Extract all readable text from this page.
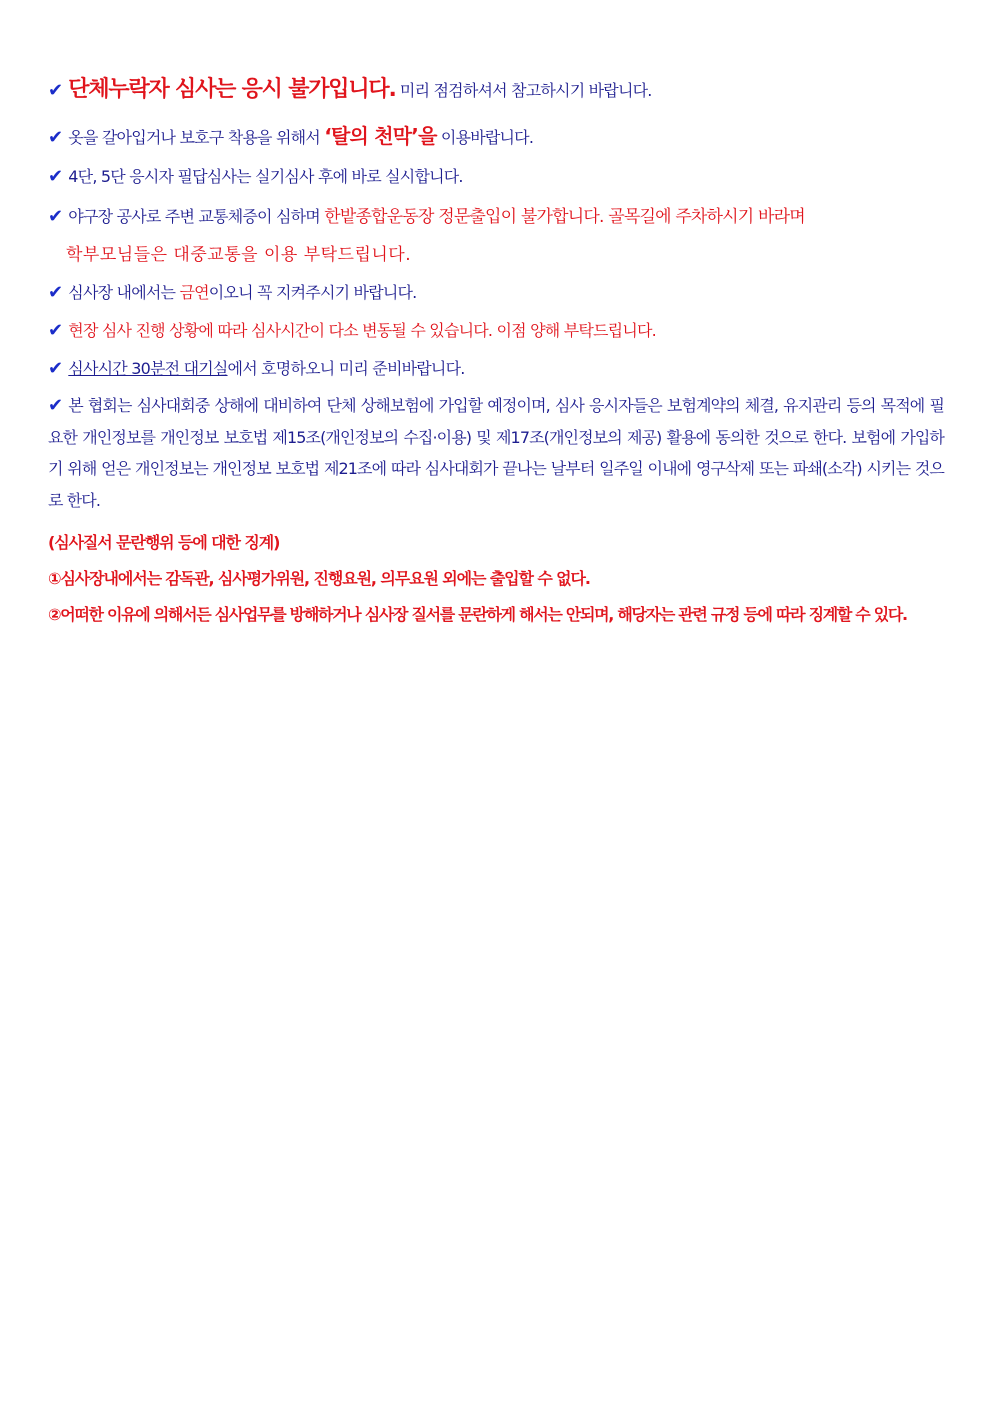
✔ 단체누락자 심사는 응시 불가입니다. 미리 점검하셔서 참고하시기 바랍니다.
✔ 옷을 갈아입거나 보호구 착용을 위해서 ‘탈의 천막’을 이용바랍니다.
✔ 4단, 5단 응시자 필답심사는 실기심사 후에 바로 실시합니다.
✔ 야구장 공사로 주변 교통체증이 심하며 한밭종합운동장 정문출입이 불가합니다. 골목길에 주차하시기 바라며
학부모님들은 대중교통을 이용 부탁드립니다.
✔ 심사장 내에서는 금연이오니 꼭 지켜주시기 바랍니다.
✔ 현장 심사 진행 상황에 따라 심사시간이 다소 변동될 수 있습니다. 이점 양해 부탁드립니다.
✔ 심사시간 30분전 대기실에서 호명하오니 미리 준비바랍니다.
✔ 본 협회는 심사대회중 상해에 대비하여 단체 상해보험에 가입할 예정이며, 심사 응시자들은 보험계약의 체결, 유지관리 등의 목적에 필요한 개인정보를 개인정보 보호법 제15조(개인정보의 수집·이용) 및 제17조(개인정보의 제공) 활용에 동의한 것으로 한다. 보험에 가입하기 위해 얻은 개인정보는 개인정보 보호법 제21조에 따라 심사대회가 끝나는 날부터 일주일 이내에 영구삭제 또는 파쇄(소각) 시키는 것으로 한다.
(심사질서 문란행위 등에 대한 징계)
①심사장내에서는 감독관, 심사평가위원, 진행요원, 의무요원 외에는 출입할 수 없다.
②어떠한 이유에 의해서든 심사업무를 방해하거나 심사장 질서를 문란하게 해서는 안되며, 해당자는 관련 규정 등에 따라 징계할 수 있다.
